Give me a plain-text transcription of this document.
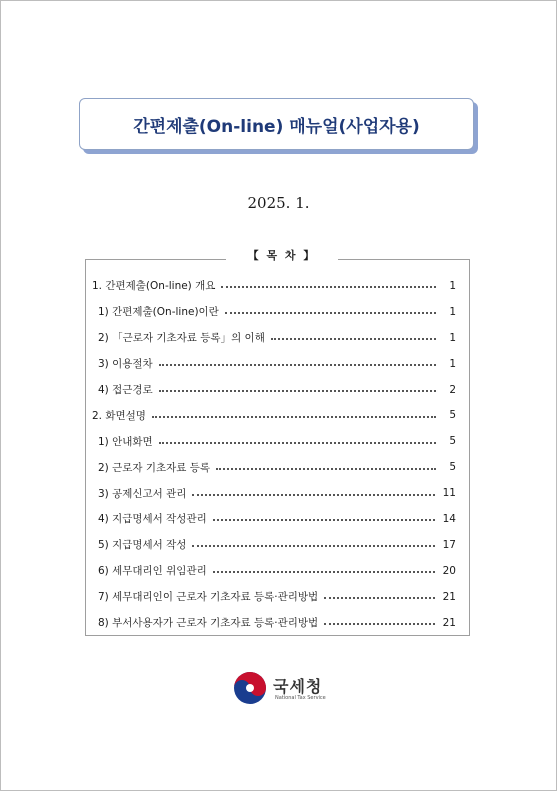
간편제출(On-line) 매뉴얼(사업자용)
2025. 1.
【 목 차 】
1. 간편제출(On-line) 개요	1
1) 간편제출(On-line)이란	1
2) 「근로자 기초자료 등록」의 이해	1
3) 이용절차	1
4) 접근경로	2
2. 화면설명	5
1) 안내화면	5
2) 근로자 기초자료 등록	5
3) 공제신고서 관리	11
4) 지급명세서 작성관리	14
5) 지급명세서 작성	17
6) 세무대리인 위임관리	20
7) 세무대리인이 근로자 기초자료 등록·관리방법	21
8) 부서사용자가 근로자 기초자료 등록·관리방법	21
국세청
National Tax Service
